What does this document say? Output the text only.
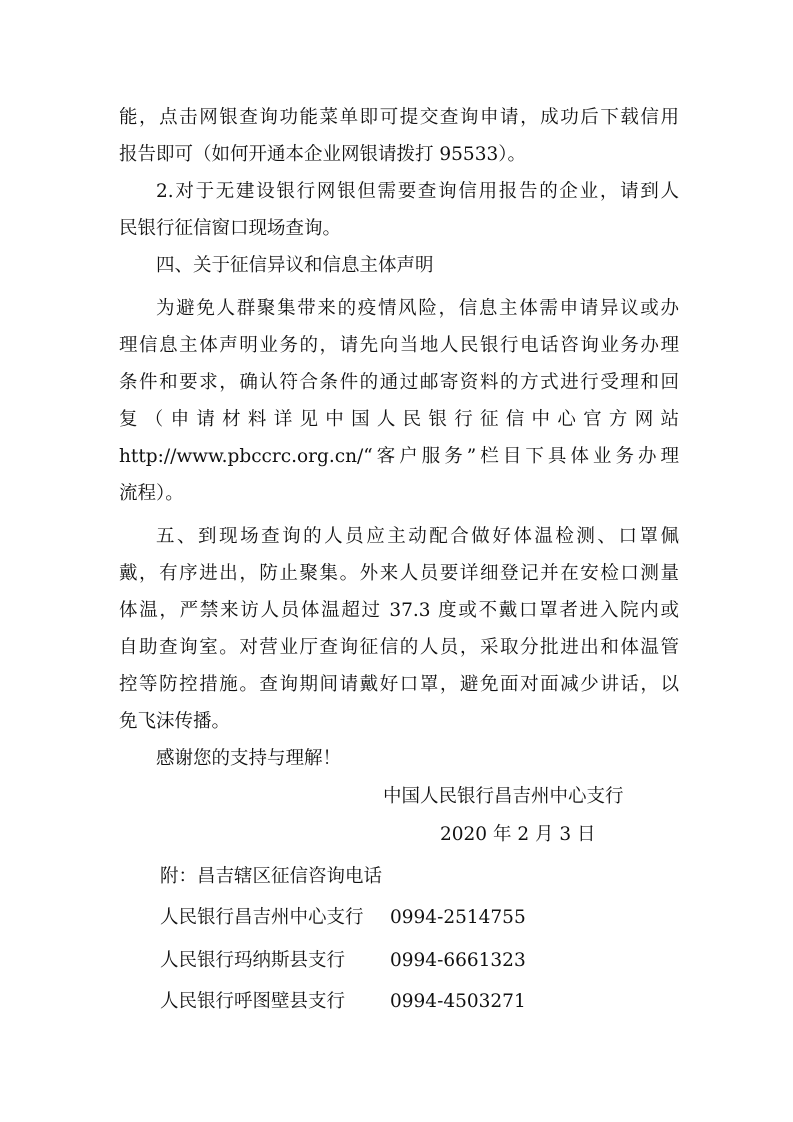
能，点击网银查询功能菜单即可提交查询申请，成功后下载信用
报告即可（如何开通本企业网银请拨打 95533）。
2.对于无建设银行网银但需要查询信用报告的企业，请到人
民银行征信窗口现场查询。
四、关于征信异议和信息主体声明
为避免人群聚集带来的疫情风险，信息主体需申请异议或办
理信息主体声明业务的，请先向当地人民银行电话咨询业务办理
条件和要求，确认符合条件的通过邮寄资料的方式进行受理和回
复（申请材料详见中国人民银行征信中心官方网站
http://www.pbccrc.org.cn/“客户服务”栏目下具体业务办理
流程）。
五、到现场查询的人员应主动配合做好体温检测、口罩佩
戴，有序进出，防止聚集。外来人员要详细登记并在安检口测量
体温，严禁来访人员体温超过 37.3 度或不戴口罩者进入院内或
自助查询室。对营业厅查询征信的人员，采取分批进出和体温管
控等防控措施。查询期间请戴好口罩，避免面对面减少讲话，以
免飞沫传播。
感谢您的支持与理解！
中国人民银行昌吉州中心支行
2020 年 2 月 3 日
附：昌吉辖区征信咨询电话
人民银行昌吉州中心支行 0994-2514755
人民银行玛纳斯县支行 0994-6661323
人民银行呼图壁县支行 0994-4503271
